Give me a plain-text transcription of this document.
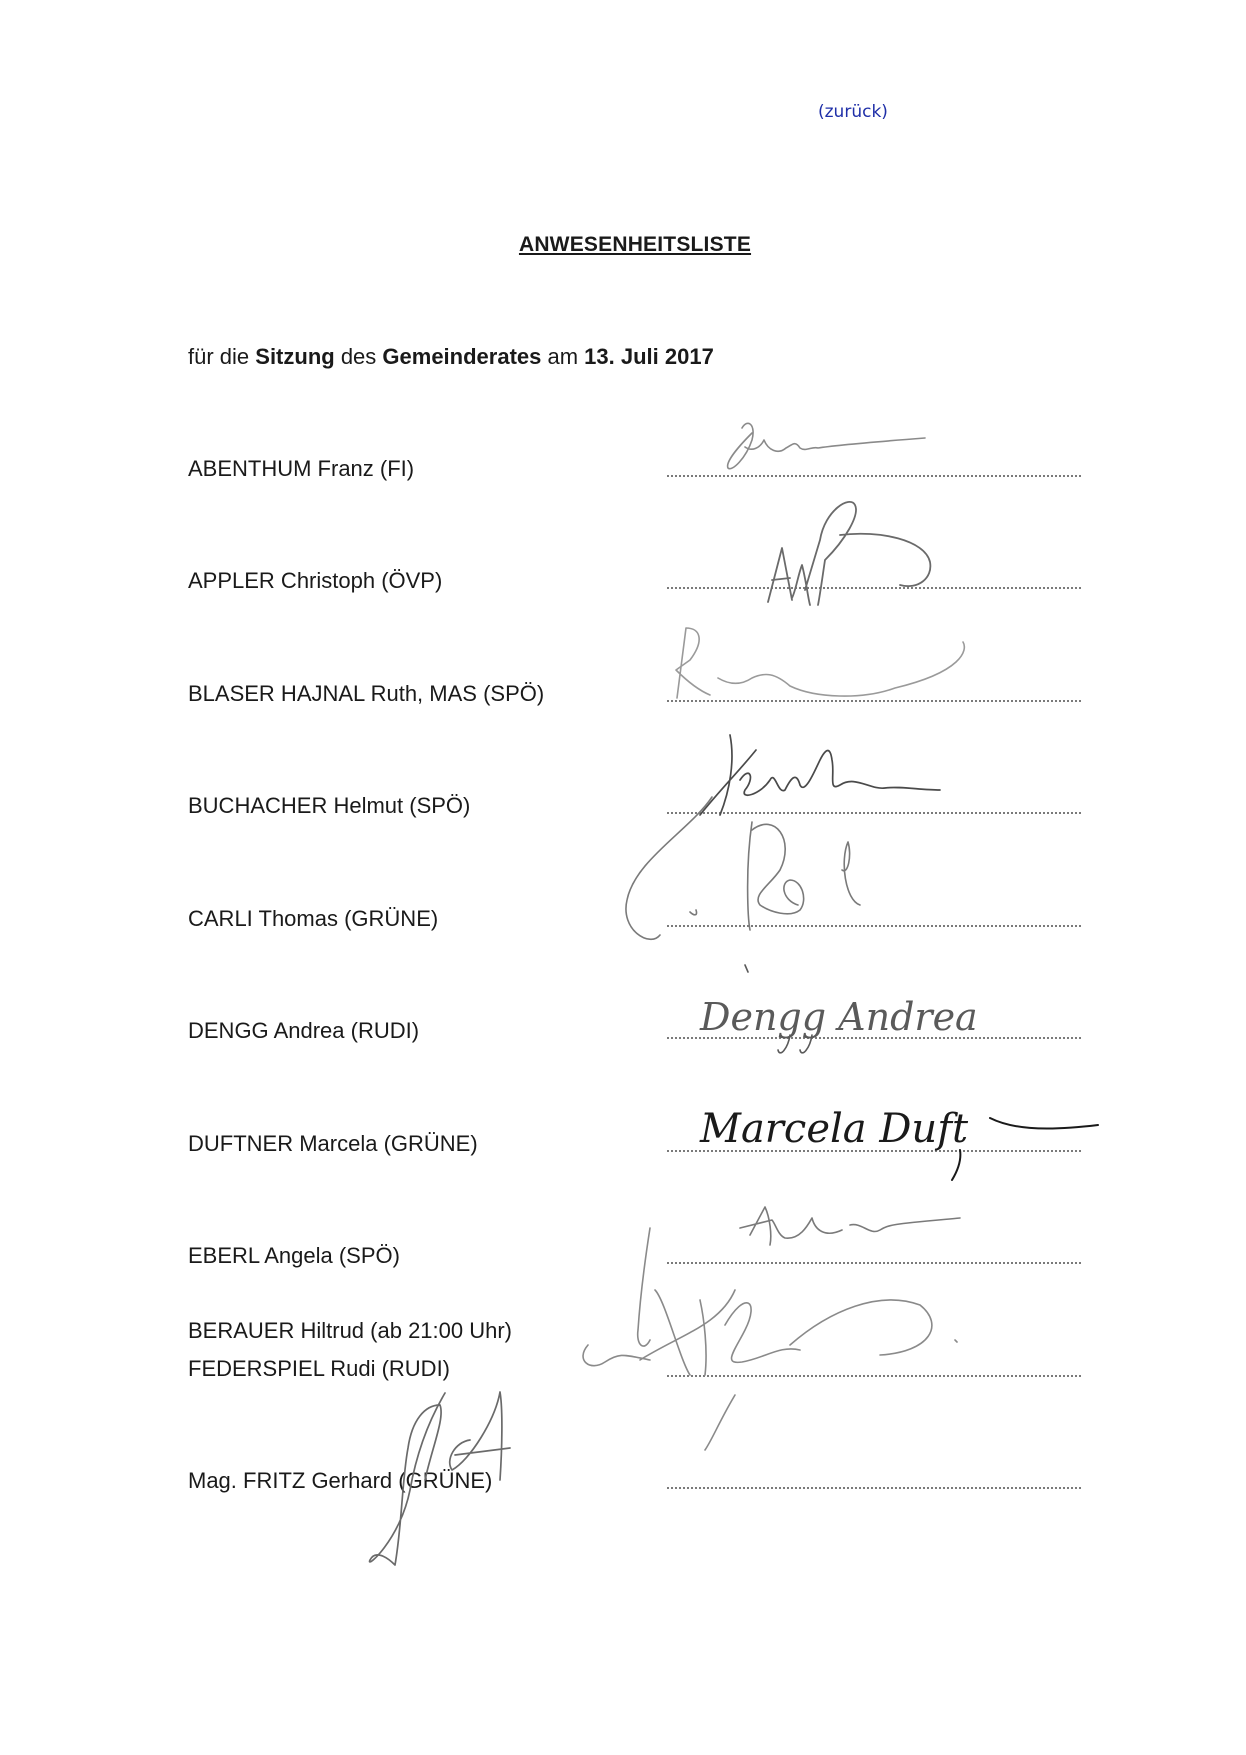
(zurück)
ANWESENHEITSLISTE
für die Sitzung des Gemeinderates am 13. Juli 2017
ABENTHUM Franz (FI)
APPLER Christoph (ÖVP)
BLASER HAJNAL Ruth, MAS (SPÖ)
BUCHACHER Helmut (SPÖ)
CARLI Thomas (GRÜNE)
DENGG Andrea (RUDI)
DUFTNER Marcela (GRÜNE)
EBERL Angela (SPÖ)
BERAUER Hiltrud (ab 21:00 Uhr)
FEDERSPIEL Rudi (RUDI)
Mag. FRITZ Gerhard (GRÜNE)
Dengg Andrea
Marcela Duft
